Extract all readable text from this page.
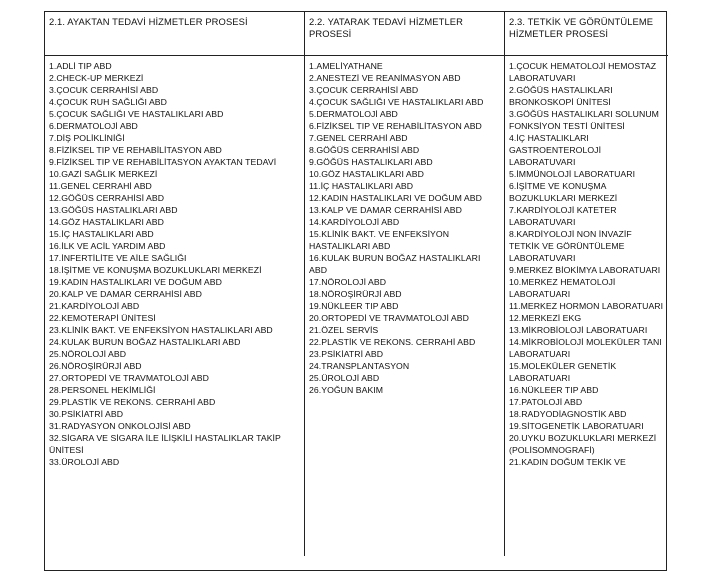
2.1. AYAKTAN TEDAVİ HİZMETLER PROSESİ	2.2. YATARAK TEDAVİ HİZMETLER PROSESİ
2.3. TETKİK VE GÖRÜNTÜLEME HİZMETLER PROSESİ
1.ADLİ TIP ABD
2.CHECK-UP MERKEZİ
3.ÇOCUK CERRAHİSİ ABD
4.ÇOCUK RUH SAĞLIĞI ABD
5.ÇOCUK SAĞLIĞI VE HASTALIKLARI ABD
6.DERMATOLOJİ ABD
7.DİŞ POLİKLİNİĞİ
8.FİZİKSEL TIP VE REHABİLİTASYON ABD
9.FİZİKSEL TIP VE REHABİLİTASYON AYAKTAN TEDAVİ
10.GAZİ SAĞLIK MERKEZİ
11.GENEL CERRAHİ ABD
12.GÖĞÜS CERRAHİSİ ABD
13.GÖĞÜS HASTALIKLARI ABD
14.GÖZ HASTALIKLARI ABD
15.İÇ HASTALIKLARI ABD
16.İLK VE ACİL YARDIM ABD
17.İNFERTİLİTE VE AİLE SAĞLIĞI
18.İŞİTME VE KONUŞMA BOZUKLUKLARI MERKEZİ
19.KADIN HASTALIKLARI VE DOĞUM ABD
20.KALP VE DAMAR CERRAHİSİ ABD
21.KARDİYOLOJİ ABD
22.KEMOTERAPİ ÜNİTESİ
23.KLİNİK BAKT. VE ENFEKSİYON HASTALIKLARI ABD
24.KULAK BURUN BOĞAZ HASTALIKLARI ABD
25.NÖROLOJİ ABD
26.NÖROŞİRÜRJİ ABD
27.ORTOPEDİ VE TRAVMATOLOJİ ABD
28.PERSONEL HEKİMLİĞİ
29.PLASTİK VE REKONS. CERRAHİ ABD
30.PSİKİATRİ ABD
31.RADYASYON ONKOLOJİSİ ABD
32.SİGARA VE SİGARA İLE İLİŞKİLİ HASTALIKLAR TAKİP ÜNİTESİ
33.ÜROLOJİ ABD
1.AMELİYATHANE
2.ANESTEZİ VE REANİMASYON ABD
3.ÇOCUK CERRAHİSİ ABD
4.ÇOCUK SAĞLIĞI VE HASTALIKLARI ABD
5.DERMATOLOJİ ABD
6.FİZİKSEL TIP VE REHABİLİTASYON ABD
7.GENEL CERRAHİ ABD
8.GÖĞÜS CERRAHİSİ ABD
9.GÖĞÜS HASTALIKLARI ABD
10.GÖZ HASTALIKLARI ABD
11.İÇ HASTALIKLARI ABD
12.KADIN HASTALIKLARI VE DOĞUM ABD
13.KALP VE DAMAR CERRAHİSİ ABD
14.KARDİYOLOJİ ABD
15.KLİNİK BAKT. VE ENFEKSİYON HASTALIKLARI ABD
16.KULAK BURUN BOĞAZ HASTALIKLARI ABD
17.NÖROLOJİ ABD
18.NÖROŞİRÜRJİ ABD
19.NÜKLEER TIP ABD
20.ORTOPEDİ VE TRAVMATOLOJİ ABD
21.ÖZEL SERVİS
22.PLASTİK VE REKONS. CERRAHİ ABD
23.PSİKİATRİ ABD
24.TRANSPLANTASYON
25.ÜROLOJİ ABD
26.YOĞUN BAKIM
1.ÇOCUK HEMATOLOJİ HEMOSTAZ LABORATUVARI
2.GÖĞÜS HASTALIKLARI BRONKOSKOPİ ÜNİTESİ
3.GÖĞÜS HASTALIKLARI SOLUNUM FONKSİYON TESTİ ÜNİTESİ
4.İÇ HASTALIKLARI GASTROENTEROLOJİ LABORATUVARI
5.İMMÜNOLOJİ LABORATUARI
6.İŞİTME VE KONUŞMA BOZUKLUKLARI MERKEZİ
7.KARDİYOLOJİ KATETER LABORATUVARI
8.KARDİYOLOJİ NON İNVAZİF TETKİK VE GÖRÜNTÜLEME LABORATUVARI
9.MERKEZ BİOKİMYA LABORATUARI
10.MERKEZ HEMATOLOJİ LABORATUARI
11.MERKEZ HORMON LABORATUARI
12.MERKEZİ EKG
13.MİKROBİOLOJİ LABORATUARI
14.MİKROBİOLOJİ MOLEKÜLER TANI LABORATUARI
15.MOLEKÜLER GENETİK LABORATUARI
16.NÜKLEER TIP ABD
17.PATOLOJİ ABD
18.RADYODİAGNOSTİK ABD
19.SİTOGENETİK LABORATUARI
20.UYKU BOZUKLUKLARI MERKEZİ (POLİSOMNOGRAFİ)
21.KADIN DOĞUM TEKİK VE
